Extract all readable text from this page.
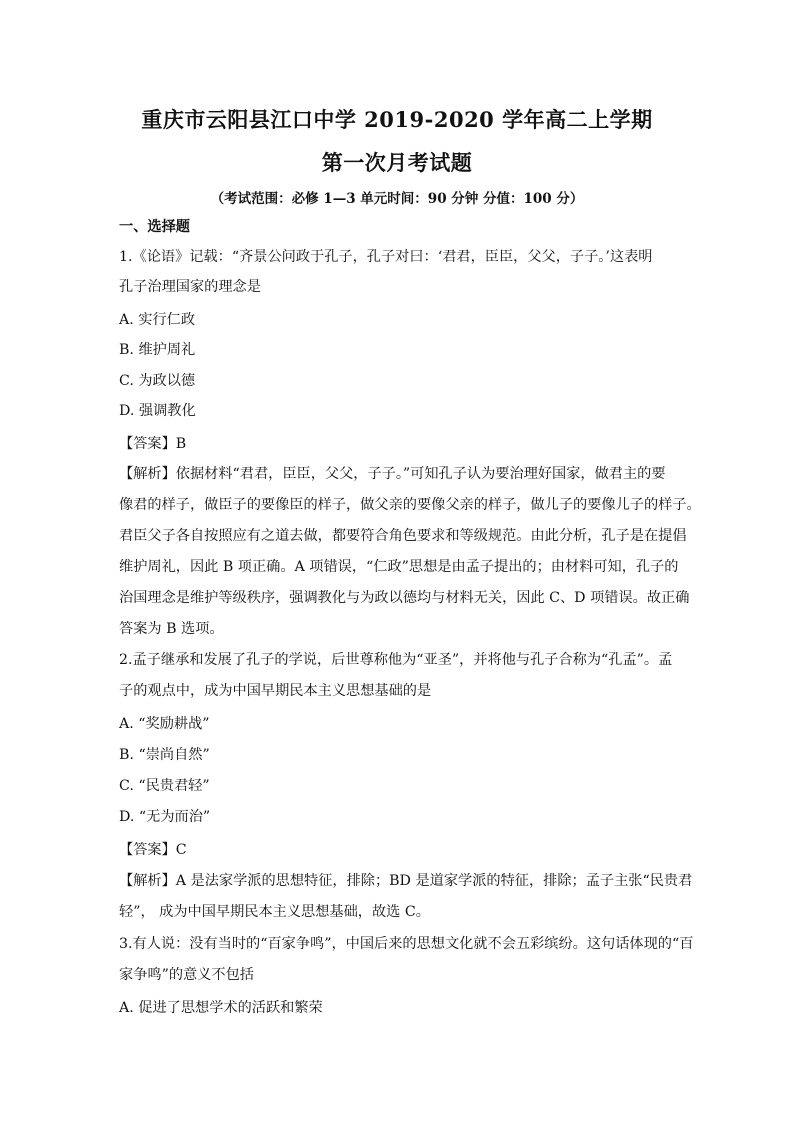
重庆市云阳县江口中学 2019-2020 学年高二上学期
第一次月考试题
（考试范围：必修 1—3 单元时间：90 分钟 分值：100 分）
一、选择题
1.《论语》记载：“齐景公问政于孔子，孔子对曰：‘君君，臣臣，父父，子子。’这表明
孔子治理国家的理念是
A. 实行仁政
B. 维护周礼
C. 为政以德
D. 强调教化
【答案】B
【解析】依据材料“君君，臣臣，父父，子子。”可知孔子认为要治理好国家，做君主的要
像君的样子，做臣子的要像臣的样子，做父亲的要像父亲的样子，做儿子的要像儿子的样子。
君臣父子各自按照应有之道去做，都要符合角色要求和等级规范。由此分析，孔子是在提倡
维护周礼，因此 B 项正确。A 项错误，“仁政”思想是由孟子提出的；由材料可知，孔子的
治国理念是维护等级秩序，强调教化与为政以德均与材料无关，因此 C、D 项错误。故正确
答案为 B 选项。
2.孟子继承和发展了孔子的学说，后世尊称他为“亚圣”，并将他与孔子合称为“孔孟”。孟
子的观点中，成为中国早期民本主义思想基础的是
A. “奖励耕战”
B. “崇尚自然”
C. “民贵君轻”
D. “无为而治”
【答案】C
【解析】A 是法家学派的思想特征，排除；BD 是道家学派的特征，排除；孟子主张“民贵君
轻”， 成为中国早期民本主义思想基础，故选 C。
3.有人说：没有当时的“百家争鸣”，中国后来的思想文化就不会五彩缤纷。这句话体现的“百
家争鸣”的意义不包括
A. 促进了思想学术的活跃和繁荣
